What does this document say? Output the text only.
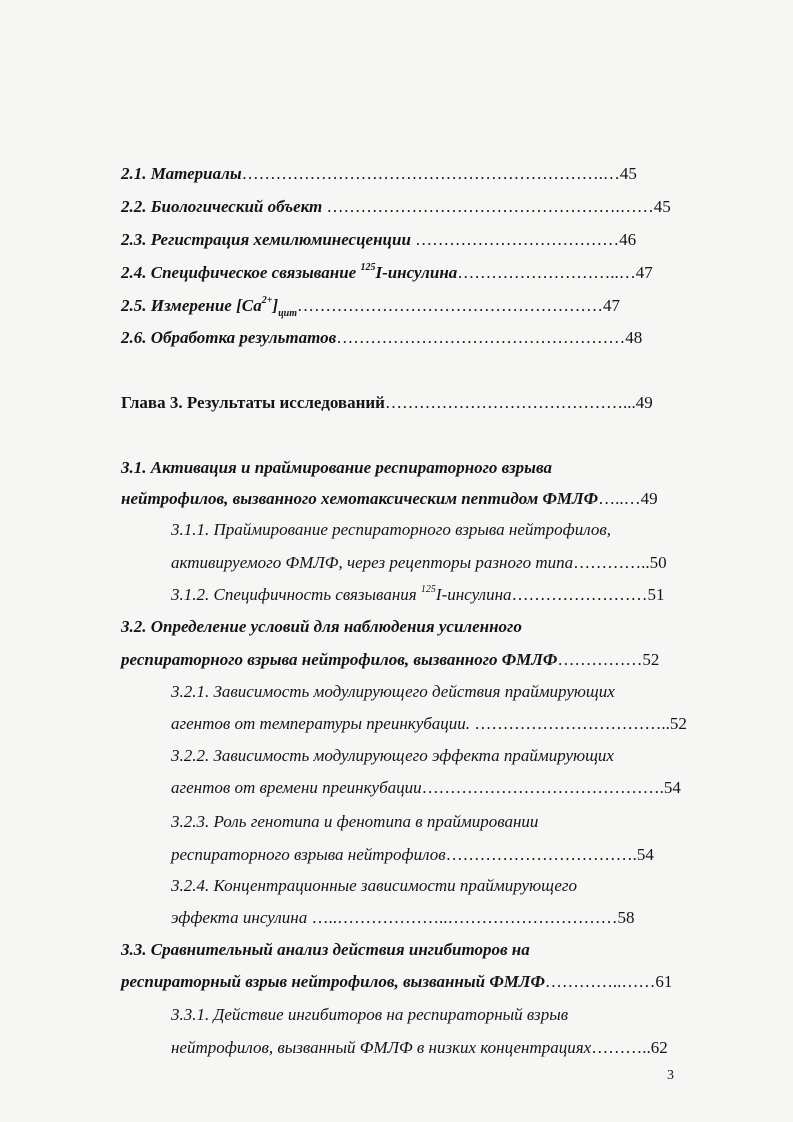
2.1. Материалы……………………………………………………….…45
2.2. Биологический объект …………………………………………….……45
2.3. Регистрация хемилюминесценции ………………………………46
2.4. Специфическое связывание $^{125}$I-инсулина………………………..…47
2.5. Измерение $[Са^{2+}]_{цит}\dots\dots\dots\dots\dots\dots\dots\dots\dots\dots\dots\dots\dots\dots\dots\dots\dots\dots 47$
2.6. Обработка результатов……………………………………………48
Глава 3. Результаты исследований……………………………………...49
3.1. Активация и праймирование респираторного взрыва
нейтрофилов, вызванного хемотаксическим пептидом ФМЛФ…..…49
3.1.1. Праймирование респираторного взрыва нейтрофилов,
активируемого ФМЛФ, через рецепторы разного типа…………..50
3.1.2. Специфичность связывания $^{125}$I-инсулина……………………51
3.2. Определение условий для наблюдения усиленного
респираторного взрыва нейтрофилов, вызванного ФМЛФ……………52
3.2.1. Зависимость модулирующего действия праймирующих
агентов от температуры преинкубации. ……………………………..52
3.2.2. Зависимость модулирующего эффекта праймирующих
агентов от времени преинкубации…………………………………….54
3.2.3. Роль генотипа и фенотипа в праймировании
респираторного взрыва нейтрофилов…………………………….54
3.2.4. Концентрационные зависимости праймирующего
эффекта инсулина …..………………..…………………………58
3.3. Сравнительный анализ действия ингибиторов на
респираторный взрыв нейтрофилов, вызванный ФМЛФ…………..……61
3.3.1. Действие ингибиторов на респираторный взрыв
нейтрофилов, вызванный ФМЛФ в низких концентрациях………..62
3
